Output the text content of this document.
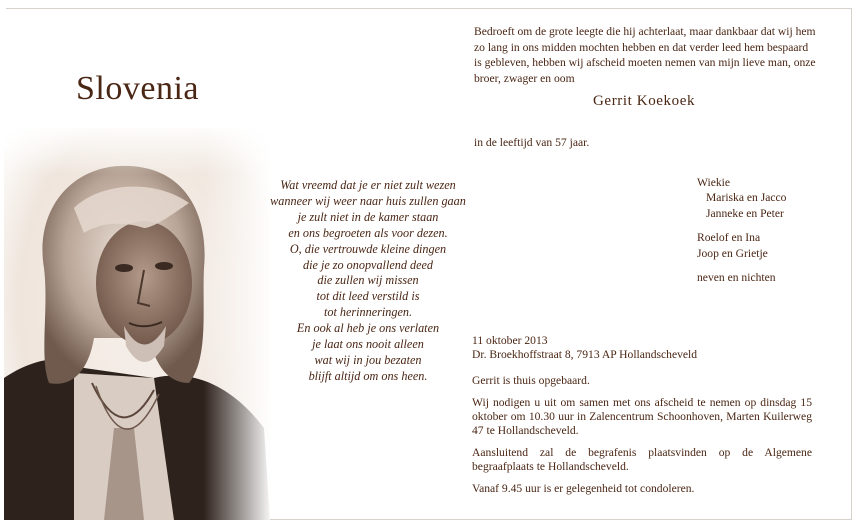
Slovenia
Wat vreemd dat je er niet zult wezen
wanneer wij weer naar huis zullen gaan
je zult niet in de kamer staan
en ons begroeten als voor dezen.
O, die vertrouwde kleine dingen
die je zo onopvallend deed
die zullen wij missen
tot dit leed verstild is
tot herinneringen.
En ook al heb je ons verlaten
je laat ons nooit alleen
wat wij in jou bezaten
blijft altijd om ons heen.
Bedroeft om de grote leegte die hij achterlaat, maar dankbaar dat wij hem
zo lang in ons midden mochten hebben en dat verder leed hem bespaard
is gebleven, hebben wij afscheid moeten nemen van mijn lieve man, onze
broer, zwager en oom
Gerrit Koekoek
in de leeftijd van 57 jaar.
Wiekie
Mariska en Jacco
Janneke en Peter
Roelof en Ina
Joop en Grietje
neven en nichten
11 oktober 2013
Dr. Broekhoffstraat 8, 7913 AP Hollandscheveld
Gerrit is thuis opgebaard.
Wij nodigen u uit om samen met ons afscheid te nemen op dinsdag 15 oktober om 10.30 uur in Zalencentrum Schoonhoven, Marten Kuilerweg 47 te Hollandscheveld.
Aansluitend zal de begrafenis plaatsvinden op de Algemene begraafplaats te Hollandscheveld.
Vanaf 9.45 uur is er gelegenheid tot condoleren.
